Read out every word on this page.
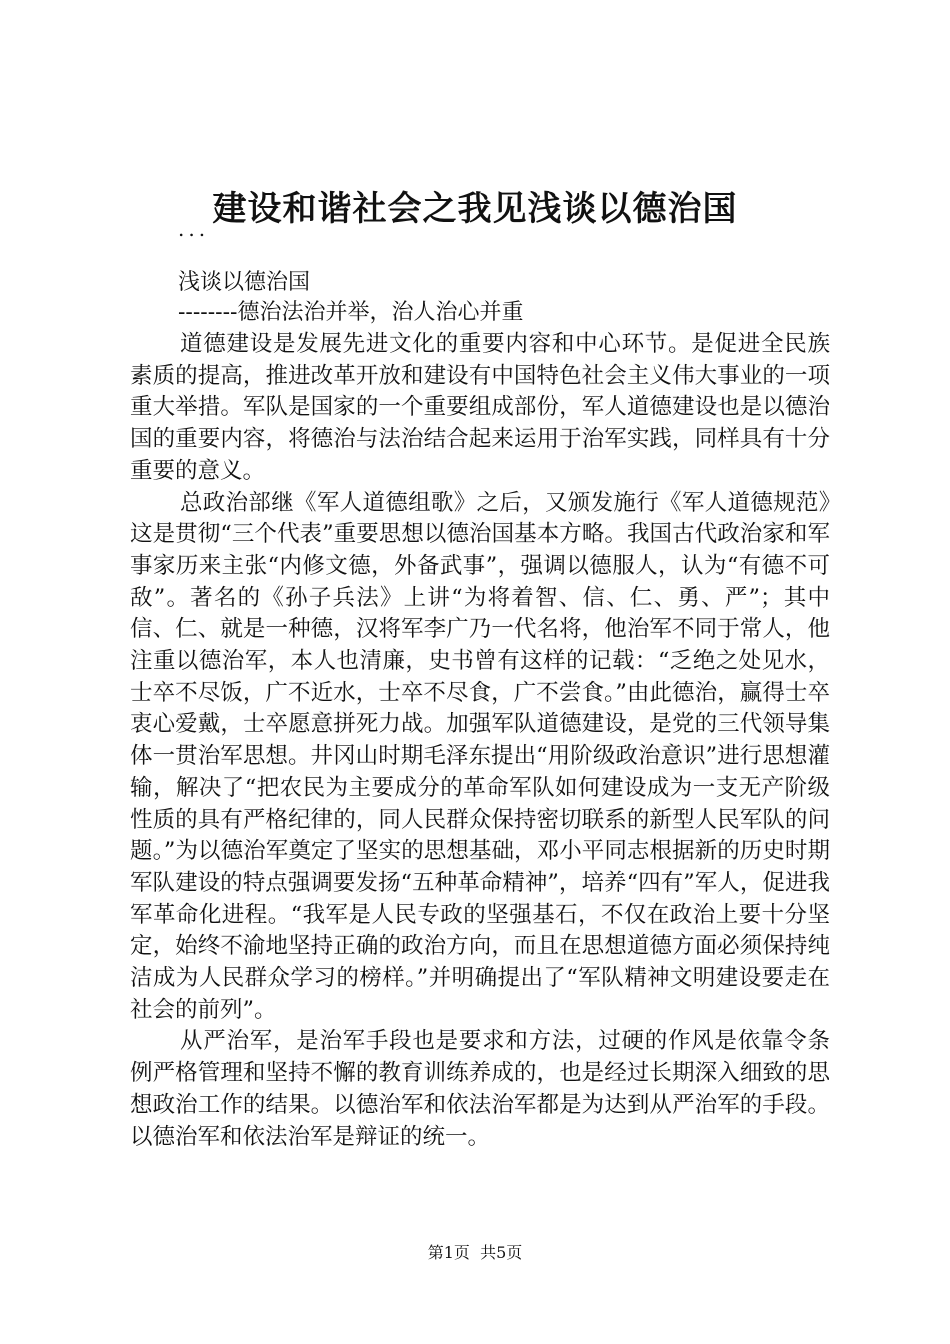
建设和谐社会之我见浅谈以德治国
...
浅谈以德治国
--------德治法治并举，治人治心并重

道德建设是发展先进文化的重要内容和中心环节。是促进全民族素质的提高，推进改革开放和建设有中国特色社会主义伟大事业的一项重大举措。军队是国家的一个重要组成部份，军人道德建设也是以德治国的重要内容，将德治与法治结合起来运用于治军实践，同样具有十分重要的意义。

总政治部继《军人道德组歌》之后，又颁发施行《军人道德规范》这是贯彻“三个代表”重要思想以德治国基本方略。我国古代政治家和军事家历来主张“内修文德，外备武事”，强调以德服人，认为“有德不可敌”。著名的《孙子兵法》上讲“为将着智、信、仁、勇、严”；其中信、仁、就是一种德，汉将军李广乃一代名将，他治军不同于常人，他注重以德治军，本人也清廉，史书曾有这样的记载：“乏绝之处见水，士卒不尽饭，广不近水，士卒不尽食，广不尝食。”由此德治，赢得士卒衷心爱戴，士卒愿意拼死力战。加强军队道德建设，是党的三代领导集体一贯治军思想。井冈山时期毛泽东提出“用阶级政治意识”进行思想灌输，解决了“把农民为主要成分的革命军队如何建设成为一支无产阶级性质的具有严格纪律的，同人民群众保持密切联系的新型人民军队的问题。”为以德治军奠定了坚实的思想基础，邓小平同志根据新的历史时期军队建设的特点强调要发扬“五种革命精神”，培养“四有”军人，促进我军革命化进程。“我军是人民专政的坚强基石，不仅在政治上要十分坚定，始终不渝地坚持正确的政治方向，而且在思想道德方面必须保持纯洁成为人民群众学习的榜样。”并明确提出了“军队精神文明建设要走在社会的前列”。

从严治军，是治军手段也是要求和方法，过硬的作风是依靠令条例严格管理和坚持不懈的教育训练养成的，也是经过长期深入细致的思想政治工作的结果。以德治军和依法治军都是为达到从严治军的手段。以德治军和依法治军是辩证的统一。

第1页  共5页
